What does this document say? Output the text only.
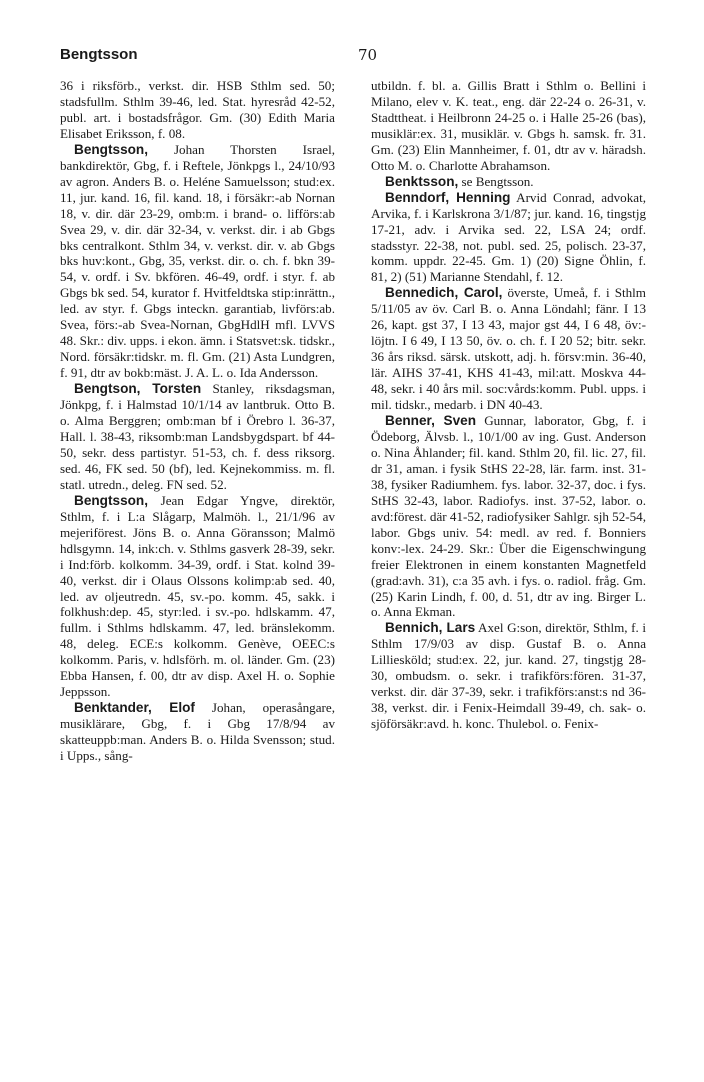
Bengtsson	70

36 i riksförb., verkst. dir. HSB Sthlm sed. 50; stadsfullm. Sthlm 39-46, led. Stat. hyresråd 42-52, publ. art. i bostadsfrågor. Gm. (30) Edith Maria Elisabet Eriksson, f. 08.

Bengtsson, Johan Thorsten Israel, bankdirektör, Gbg, f. i Reftele, Jönkpgs l., 24/10/93 av agron. Anders B. o. Heléne Samuelsson; stud:ex. 11, jur. kand. 16, fil. kand. 18, i försäkr:-ab Nornan 18, v. dir. där 23-29, omb:m. i brand- o. lifförs:ab Svea 29, v. dir. där 32-34, v. verkst. dir. i ab Gbgs bks centralkont. Sthlm 34, v. verkst. dir. v. ab Gbgs bks huv:kont., Gbg, 35, verkst. dir. o. ch. f. bkn 39-54, v. ordf. i Sv. bkfören. 46-49, ordf. i styr. f. ab Gbgs bk sed. 54, kurator f. Hvitfeldtska stip:inrättn., led. av styr. f. Gbgs inteckn. garantiab, livförs:ab. Svea, förs:-ab Svea-Nornan, GbgHdlH mfl. LVVS 48. Skr.: div. upps. i ekon. ämn. i Statsvet:sk. tidskr., Nord. försäkr:tidskr. m. fl. Gm. (21) Asta Lundgren, f. 91, dtr av bokb:mäst. J. A. L. o. Ida Andersson.

Bengtson, Torsten Stanley, riksdagsman, Jönkpg, f. i Halmstad 10/1/14 av lantbruk. Otto B. o. Alma Berggren; omb:man bf i Örebro l. 36-37, Hall. l. 38-43, riksomb:man Landsbygdspart. bf 44-50, sekr. dess partistyr. 51-53, ch. f. dess riksorg. sed. 46, FK sed. 50 (bf), led. Kejnekommiss. m. fl. statl. utredn., deleg. FN sed. 52.

Bengtsson, Jean Edgar Yngve, direktör, Sthlm, f. i L:a Slågarp, Malmöh. l., 21/1/96 av mejeriförest. Jöns B. o. Anna Göransson; Malmö hdlsgymn. 14, ink:ch. v. Sthlms gasverk 28-39, sekr. i Ind:förb. kolkomm. 34-39, ordf. i Stat. kolnd 39-40, verkst. dir i Olaus Olssons kolimp:ab sed. 40, led. av oljeutredn. 45, sv.-po. komm. 45, sakk. i folkhush:dep. 45, styr:led. i sv.-po. hdlskamm. 47, fullm. i Sthlms hdlskamm. 47, led. bränslekomm. 48, deleg. ECE:s kolkomm. Genève, OEEC:s kolkomm. Paris, v. hdlsförh. m. ol. länder. Gm. (23) Ebba Hansen, f. 00, dtr av disp. Axel H. o. Sophie Jeppsson.

Benktander, Elof Johan, operasångare, musiklärare, Gbg, f. i Gbg 17/8/94 av skatteuppb:man. Anders B. o. Hilda Svensson; stud. i Upps., sång-

utbildn. f. bl. a. Gillis Bratt i Sthlm o. Bellini i Milano, elev v. K. teat., eng. där 22-24 o. 26-31, v. Stadttheat. i Heilbronn 24-25 o. i Halle 25-26 (bas), musiklär:ex. 31, musiklär. v. Gbgs h. samsk. fr. 31. Gm. (23) Elin Mannheimer, f. 01, dtr av v. häradsh. Otto M. o. Charlotte Abrahamson.

Benktsson, se Bengtsson.

Benndorf, Henning Arvid Conrad, advokat, Arvika, f. i Karlskrona 3/1/87; jur. kand. 16, tingstjg 17-21, adv. i Arvika sed. 22, LSA 24; ordf. stadsstyr. 22-38, not. publ. sed. 25, polisch. 23-37, komm. uppdr. 22-45. Gm. 1) (20) Signe Öhlin, f. 81, 2) (51) Marianne Stendahl, f. 12.

Bennedich, Carol, överste, Umeå, f. i Sthlm 5/11/05 av öv. Carl B. o. Anna Löndahl; fänr. I 13 26, kapt. gst 37, I 13 43, major gst 44, I 6 48, öv:-löjtn. I 6 49, I 13 50, öv. o. ch. f. I 20 52; bitr. sekr. 36 års riksd. särsk. utskott, adj. h. försv:min. 36-40, lär. AIHS 37-41, KHS 41-43, mil:att. Moskva 44-48, sekr. i 40 års mil. soc:vårds:komm. Publ. upps. i mil. tidskr., medarb. i DN 40-43.

Benner, Sven Gunnar, laborator, Gbg, f. i Ödeborg, Älvsb. l., 10/1/00 av ing. Gust. Anderson o. Nina Åhlander; fil. kand. Sthlm 20, fil. lic. 27, fil. dr 31, aman. i fysik StHS 22-28, lär. farm. inst. 31-38, fysiker Radiumhem. fys. labor. 32-37, doc. i fys. StHS 32-43, labor. Radiofys. inst. 37-52, labor. o. avd:förest. där 41-52, radiofysiker Sahlgr. sjh 52-54, labor. Gbgs univ. 54: medl. av red. f. Bonniers konv:-lex. 24-29. Skr.: Über die Eigenschwingung freier Elektronen in einem konstanten Magnetfeld (grad:avh. 31), c:a 35 avh. i fys. o. radiol. fråg. Gm. (25) Karin Lindh, f. 00, d. 51, dtr av ing. Birger L. o. Anna Ekman.

Bennich, Lars Axel G:son, direktör, Sthlm, f. i Sthlm 17/9/03 av disp. Gustaf B. o. Anna Lilliesköld; stud:ex. 22, jur. kand. 27, tingstjg 28-30, ombudsm. o. sekr. i trafikförs:fören. 31-37, verkst. dir. där 37-39, sekr. i trafikförs:anst:s nd 36-38, verkst. dir. i Fenix-Heimdall 39-49, ch. sak- o. sjöförsäkr:avd. h. konc. Thulebol. o. Fenix-
